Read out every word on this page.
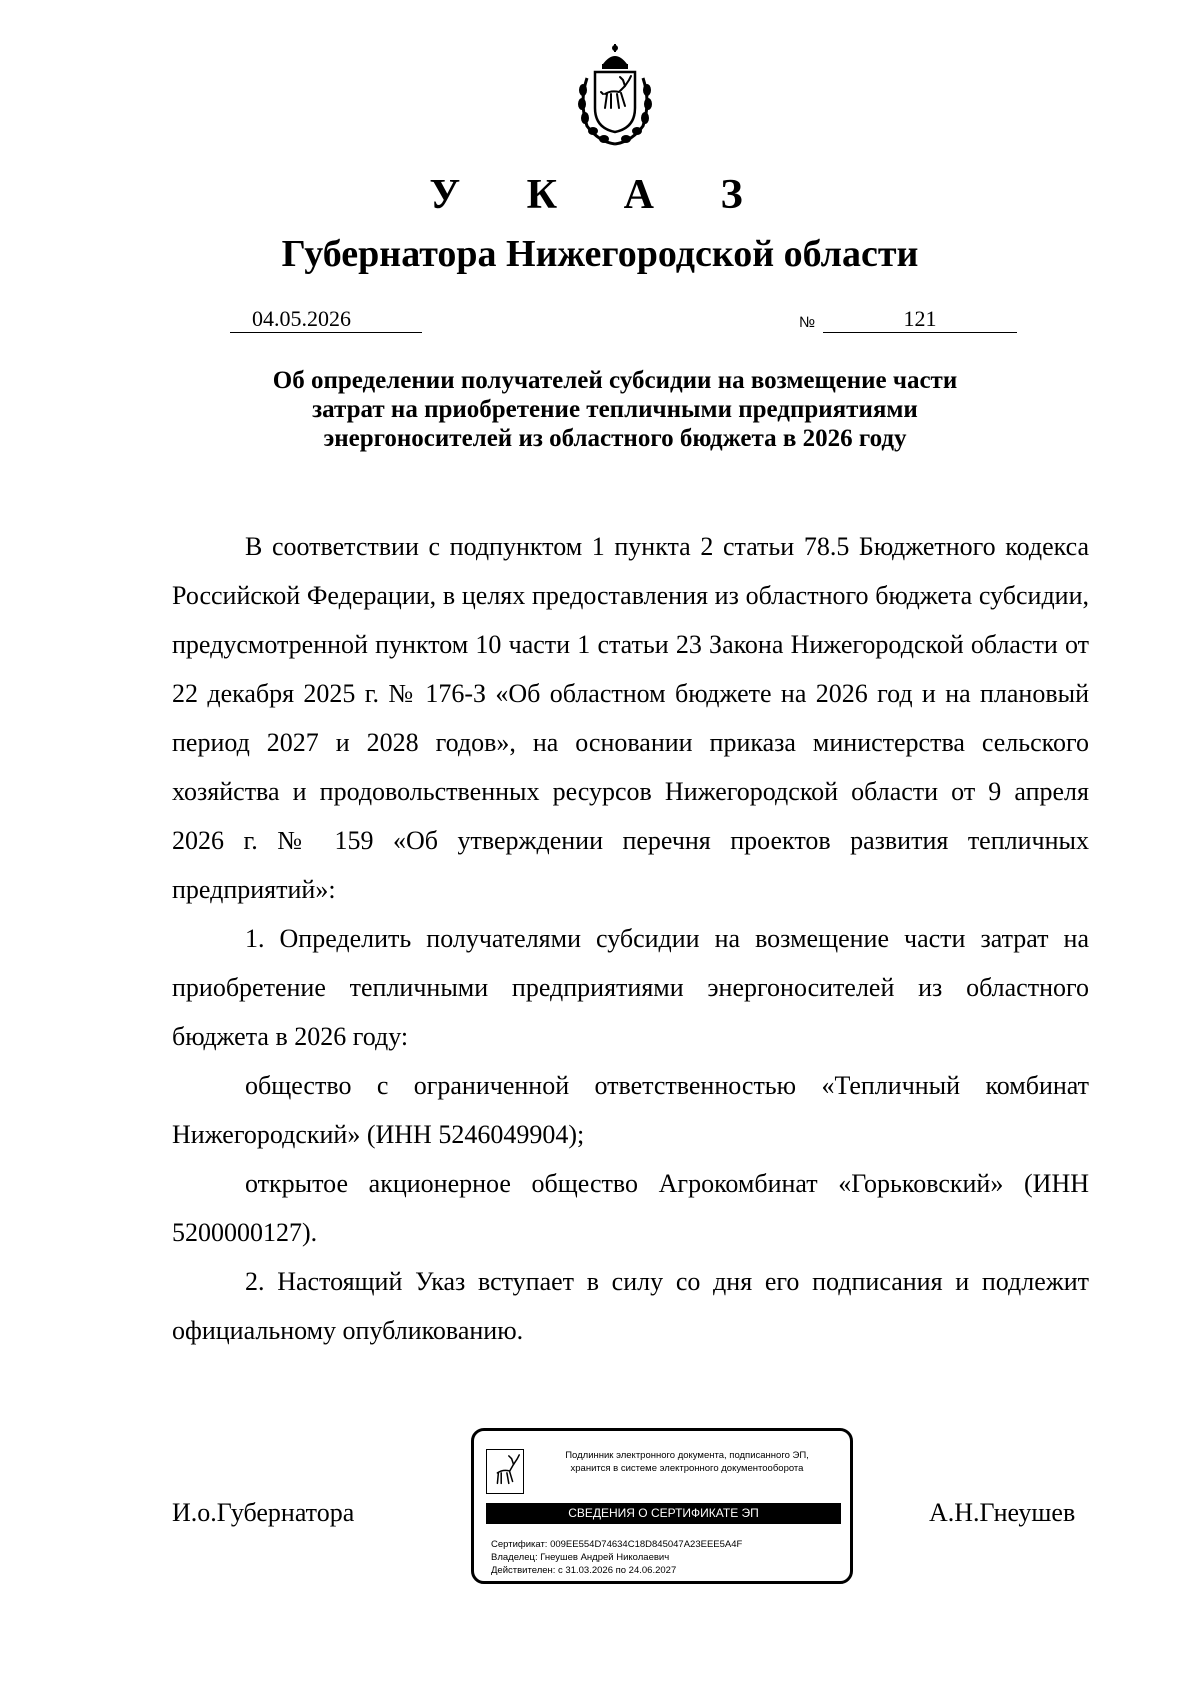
У К А З
Губернатора Нижегородской области
04.05.2026	№	121
Об определении получателей субсидии на возмещение части
затрат на приобретение тепличными предприятиями
энергоносителей из областного бюджета в 2026 году

В соответствии с подпунктом 1 пункта 2 статьи 78.5 Бюджетного кодекса Российской Федерации, в целях предоставления из областного бюджета субсидии, предусмотренной пунктом 10 части 1 статьи 23 Закона Нижегородской области от 22 декабря 2025 г. № 176-З «Об областном бюджете на 2026 год и на плановый период 2027 и 2028 годов», на основании приказа министерства сельского хозяйства и продовольственных ресурсов Нижегородской области от 9 апреля 2026 г. № 159 «Об утверждении перечня проектов развития тепличных предприятий»:

1. Определить получателями субсидии на возмещение части затрат на приобретение тепличными предприятиями энергоносителей из областного бюджета в 2026 году:

общество с ограниченной ответственностью «Тепличный комбинат Нижегородский» (ИНН 5246049904);

открытое акционерное общество Агрокомбинат «Горьковский» (ИНН 5200000127).

2. Настоящий Указ вступает в силу со дня его подписания и подлежит официальному опубликованию.

И.о.Губернатора
Подлинник электронного документа, подписанного ЭП,
хранится в системе электронного документооборота
СВЕДЕНИЯ О СЕРТИФИКАТЕ ЭП
Сертификат: 009EE554D74634C18D845047A23EEE5A4F
Владелец: Гнеушев Андрей Николаевич
Действителен: с 31.03.2026 по 24.06.2027
А.Н.Гнеушев
